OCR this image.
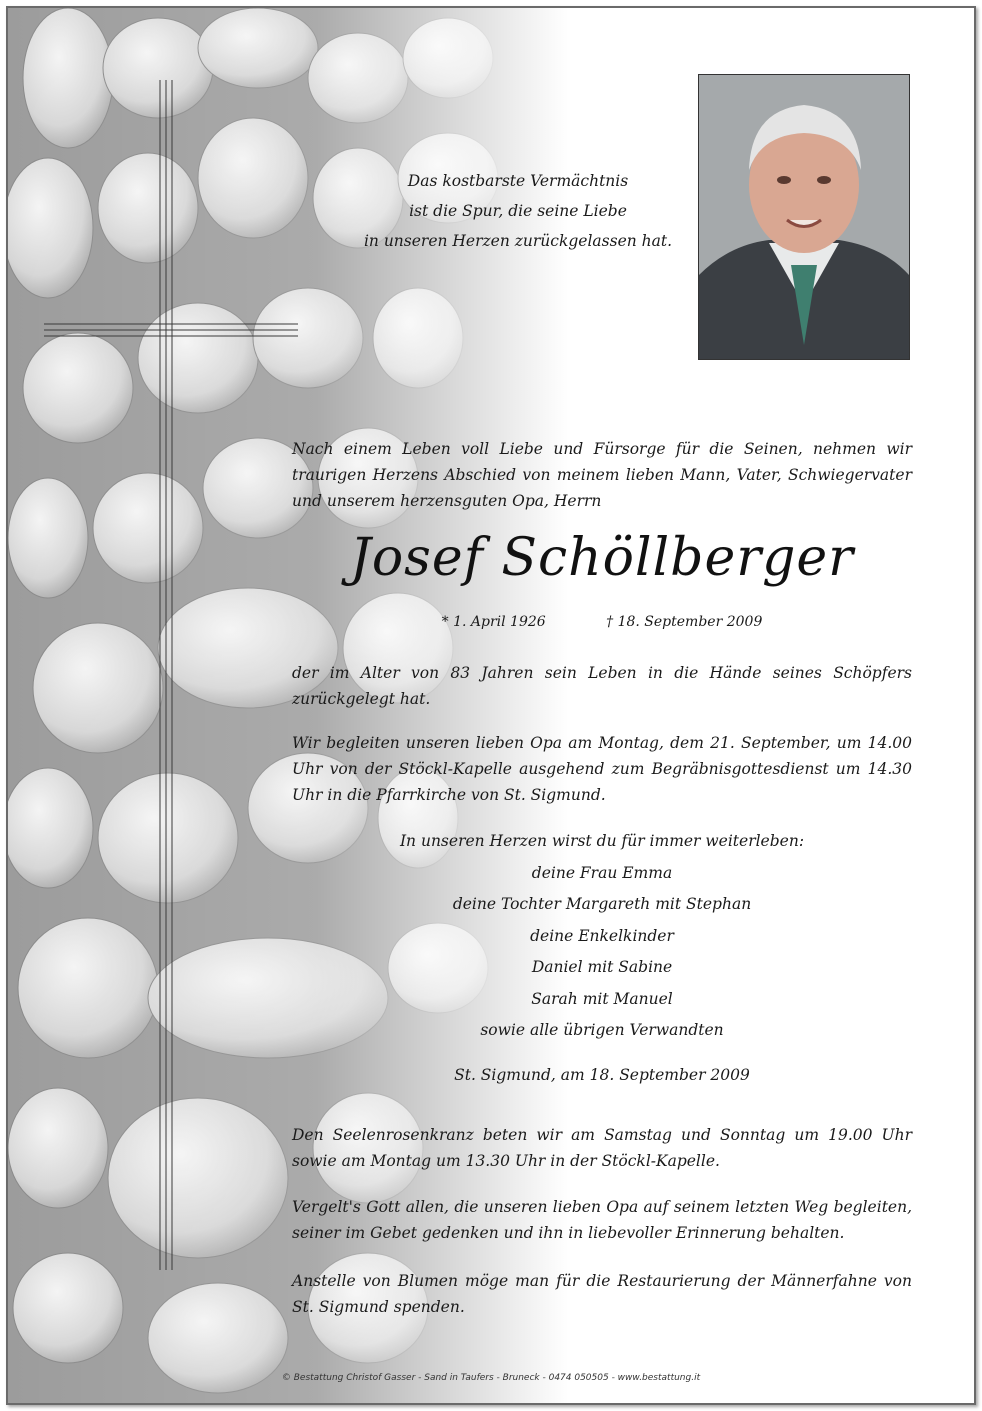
Das kostbarste Vermächtnis
ist die Spur, die seine Liebe
in unseren Herzen zurückgelassen hat.
Nach einem Leben voll Liebe und Fürsorge für die Seinen, nehmen wir traurigen Herzens Abschied von meinem lieben Mann, Vater, Schwiegervater und unserem herzensguten Opa, Herrn
Josef Schöllberger
* 1. April 1926	† 18. September 2009
der im Alter von 83 Jahren sein Leben in die Hände seines Schöpfers zurückgelegt hat.
Wir begleiten unseren lieben Opa am Montag, dem 21. September, um 14.00 Uhr von der Stöckl-Kapelle ausgehend zum Begräbnisgottesdienst um 14.30 Uhr in die Pfarrkirche von St. Sigmund.
In unseren Herzen wirst du für immer weiterleben:
deine Frau Emma
deine Tochter Margareth mit Stephan
deine Enkelkinder
Daniel mit Sabine
Sarah mit Manuel
sowie alle übrigen Verwandten
St. Sigmund, am 18. September 2009
Den Seelenrosenkranz beten wir am Samstag und Sonntag um 19.00 Uhr sowie am Montag um 13.30 Uhr in der Stöckl-Kapelle.
Vergelt's Gott allen, die unseren lieben Opa auf seinem letzten Weg begleiten, seiner im Gebet gedenken und ihn in liebevoller Erinnerung behalten.
Anstelle von Blumen möge man für die Restaurierung der Männerfahne von St. Sigmund spenden.
© Bestattung Christof Gasser - Sand in Taufers - Bruneck - 0474 050505 - www.bestattung.it
